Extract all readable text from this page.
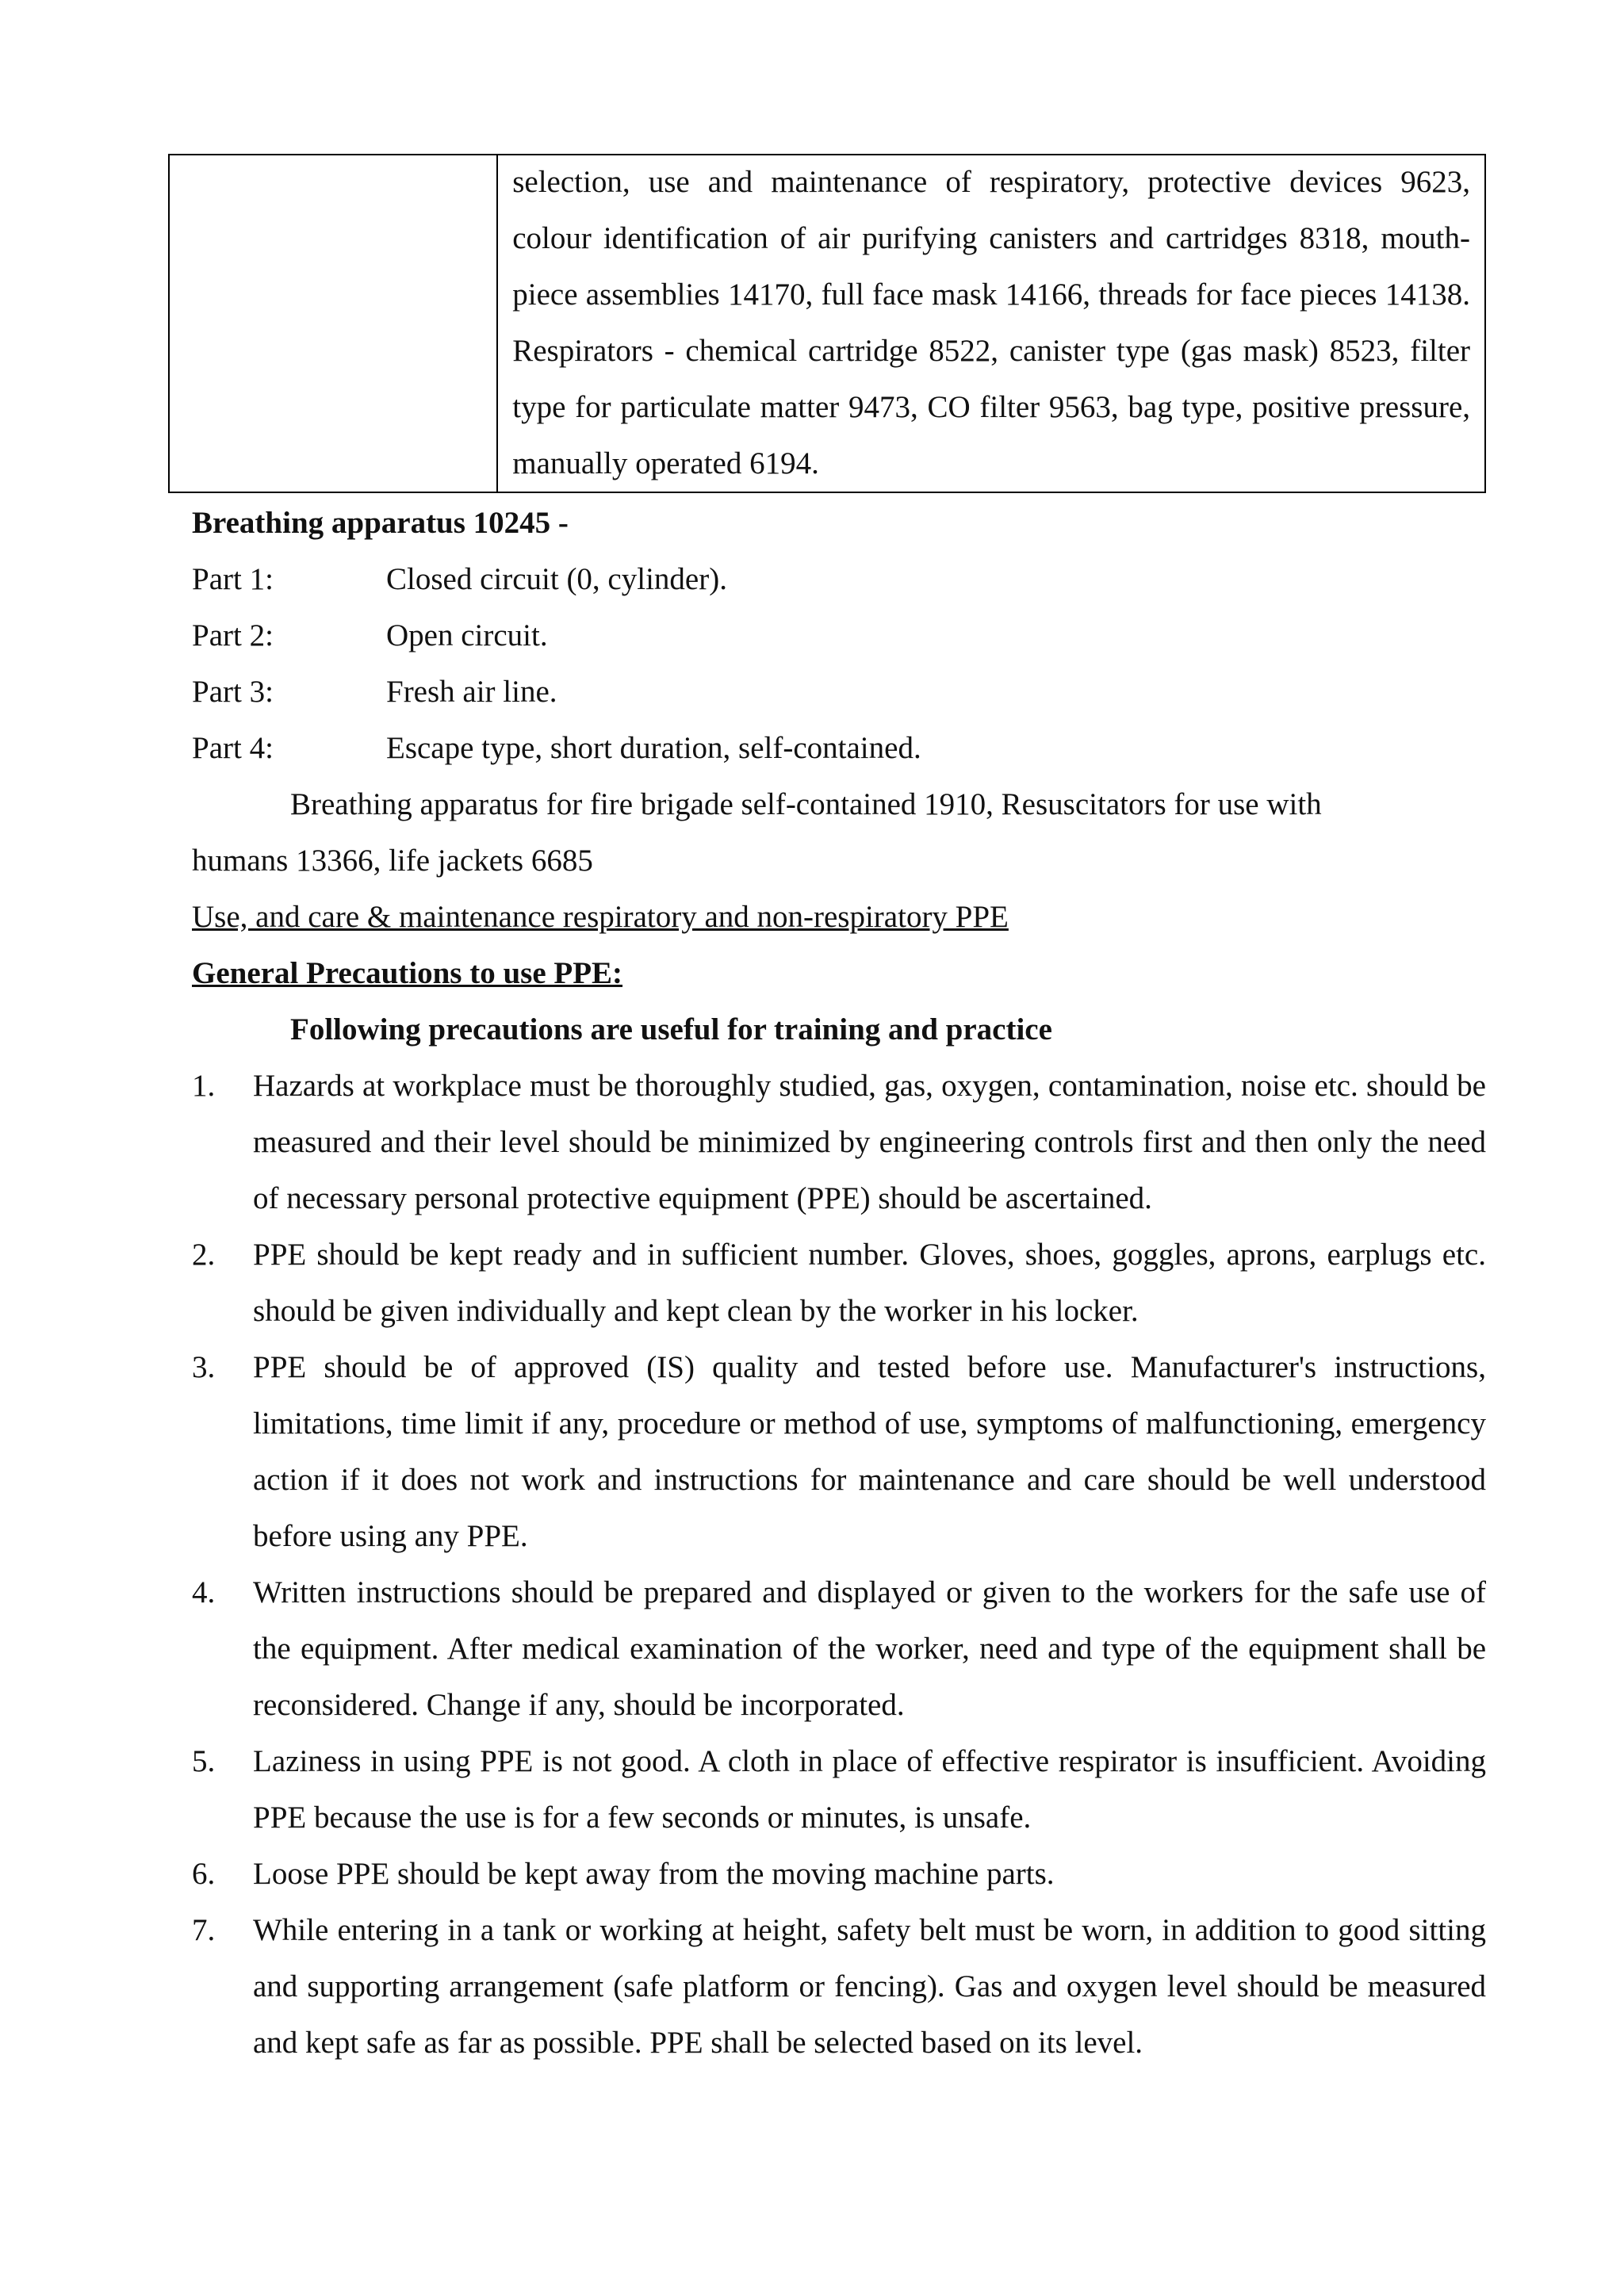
selection, use and maintenance of respiratory, protective devices 9623, colour identification of air purifying canisters and cartridges 8318, mouth-piece assemblies 14170, full face mask 14166, threads for face pieces 14138. Respirators - chemical cartridge 8522, canister type (gas mask) 8523, filter type for particulate matter 9473, CO filter 9563, bag type, positive pressure, manually operated 6194.
Breathing apparatus 10245 -
Part 1:	Closed circuit (0, cylinder).
Part 2:	Open circuit.
Part 3:	Fresh air line.
Part 4:	Escape type, short duration, self-contained.
Breathing apparatus for fire brigade self-contained 1910, Resuscitators for use with
humans 13366, life jackets 6685
Use, and care & maintenance respiratory and non-respiratory PPE
General Precautions to use PPE:
Following precautions are useful for training and practice
1. Hazards at workplace must be thoroughly studied, gas, oxygen, contamination, noise etc. should be measured and their level should be minimized by engineering controls first and then only the need of necessary personal protective equipment (PPE) should be ascertained.
2. PPE should be kept ready and in sufficient number. Gloves, shoes, goggles, aprons, earplugs etc. should be given individually and kept clean by the worker in his locker.
3. PPE should be of approved (IS) quality and tested before use. Manufacturer's instructions, limitations, time limit if any, procedure or method of use, symptoms of malfunctioning, emergency action if it does not work and instructions for maintenance and care should be well understood before using any PPE.
4. Written instructions should be prepared and displayed or given to the workers for the safe use of the equipment. After medical examination of the worker, need and type of the equipment shall be reconsidered. Change if any, should be incorporated.
5. Laziness in using PPE is not good. A cloth in place of effective respirator is insufficient. Avoiding PPE because the use is for a few seconds or minutes, is unsafe.
6. Loose PPE should be kept away from the moving machine parts.
7. While entering in a tank or working at height, safety belt must be worn, in addition to good sitting and supporting arrangement (safe platform or fencing). Gas and oxygen level should be measured and kept safe as far as possible. PPE shall be selected based on its level.
